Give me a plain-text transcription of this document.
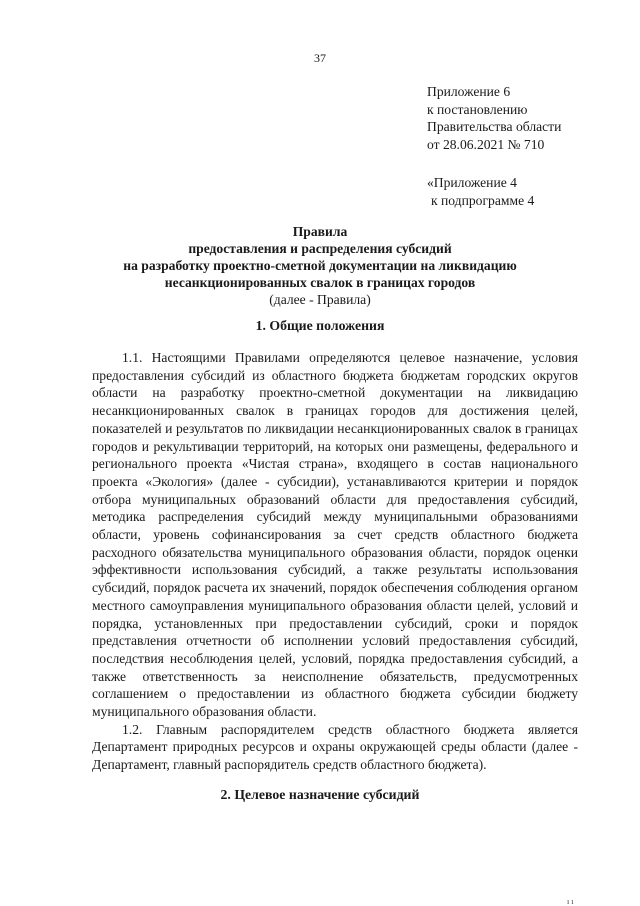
37
Приложение 6
к постановлению
Правительства области
от 28.06.2021 № 710
«Приложение 4
к подпрограмме 4
Правила
предоставления и распределения субсидий
на разработку проектно-сметной документации на ликвидацию
несанкционированных свалок в границах городов
(далее - Правила)
1. Общие положения

1.1. Настоящими Правилами определяются целевое назначение, условия предоставления субсидий из областного бюджета бюджетам городских округов области на разработку проектно-сметной документации на ликвидацию несанкционированных свалок в границах городов для достижения целей, показателей и результатов по ликвидации несанкционированных свалок в границах городов и рекультивации территорий, на которых они размещены, федерального и регионального проекта «Чистая страна», входящего в состав национального проекта «Экология» (далее - субсидии), устанавливаются критерии и порядок отбора муниципальных образований области для предоставления субсидий, методика распределения субсидий между муниципальными образованиями области, уровень софинансирования за счет средств областного бюджета расходного обязательства муниципального образования области, порядок оценки эффективности использования субсидий, а также результаты использования субсидий, порядок расчета их значений, порядок обеспечения соблюдения органом местного самоуправления муниципального образования области целей, условий и порядка, установленных при предоставлении субсидий, сроки и порядок представления отчетности об исполнении условий предоставления субсидий, последствия несоблюдения целей, условий, порядка предоставления субсидий, а также ответственность за неисполнение обязательств, предусмотренных соглашением о предоставлении из областного бюджета субсидии бюджету муниципального образования области.

1.2. Главным распорядителем средств областного бюджета является Департамент природных ресурсов и охраны окружающей среды области (далее - Департамент, главный распорядитель средств областного бюджета).

2. Целевое назначение субсидий
ı ı
